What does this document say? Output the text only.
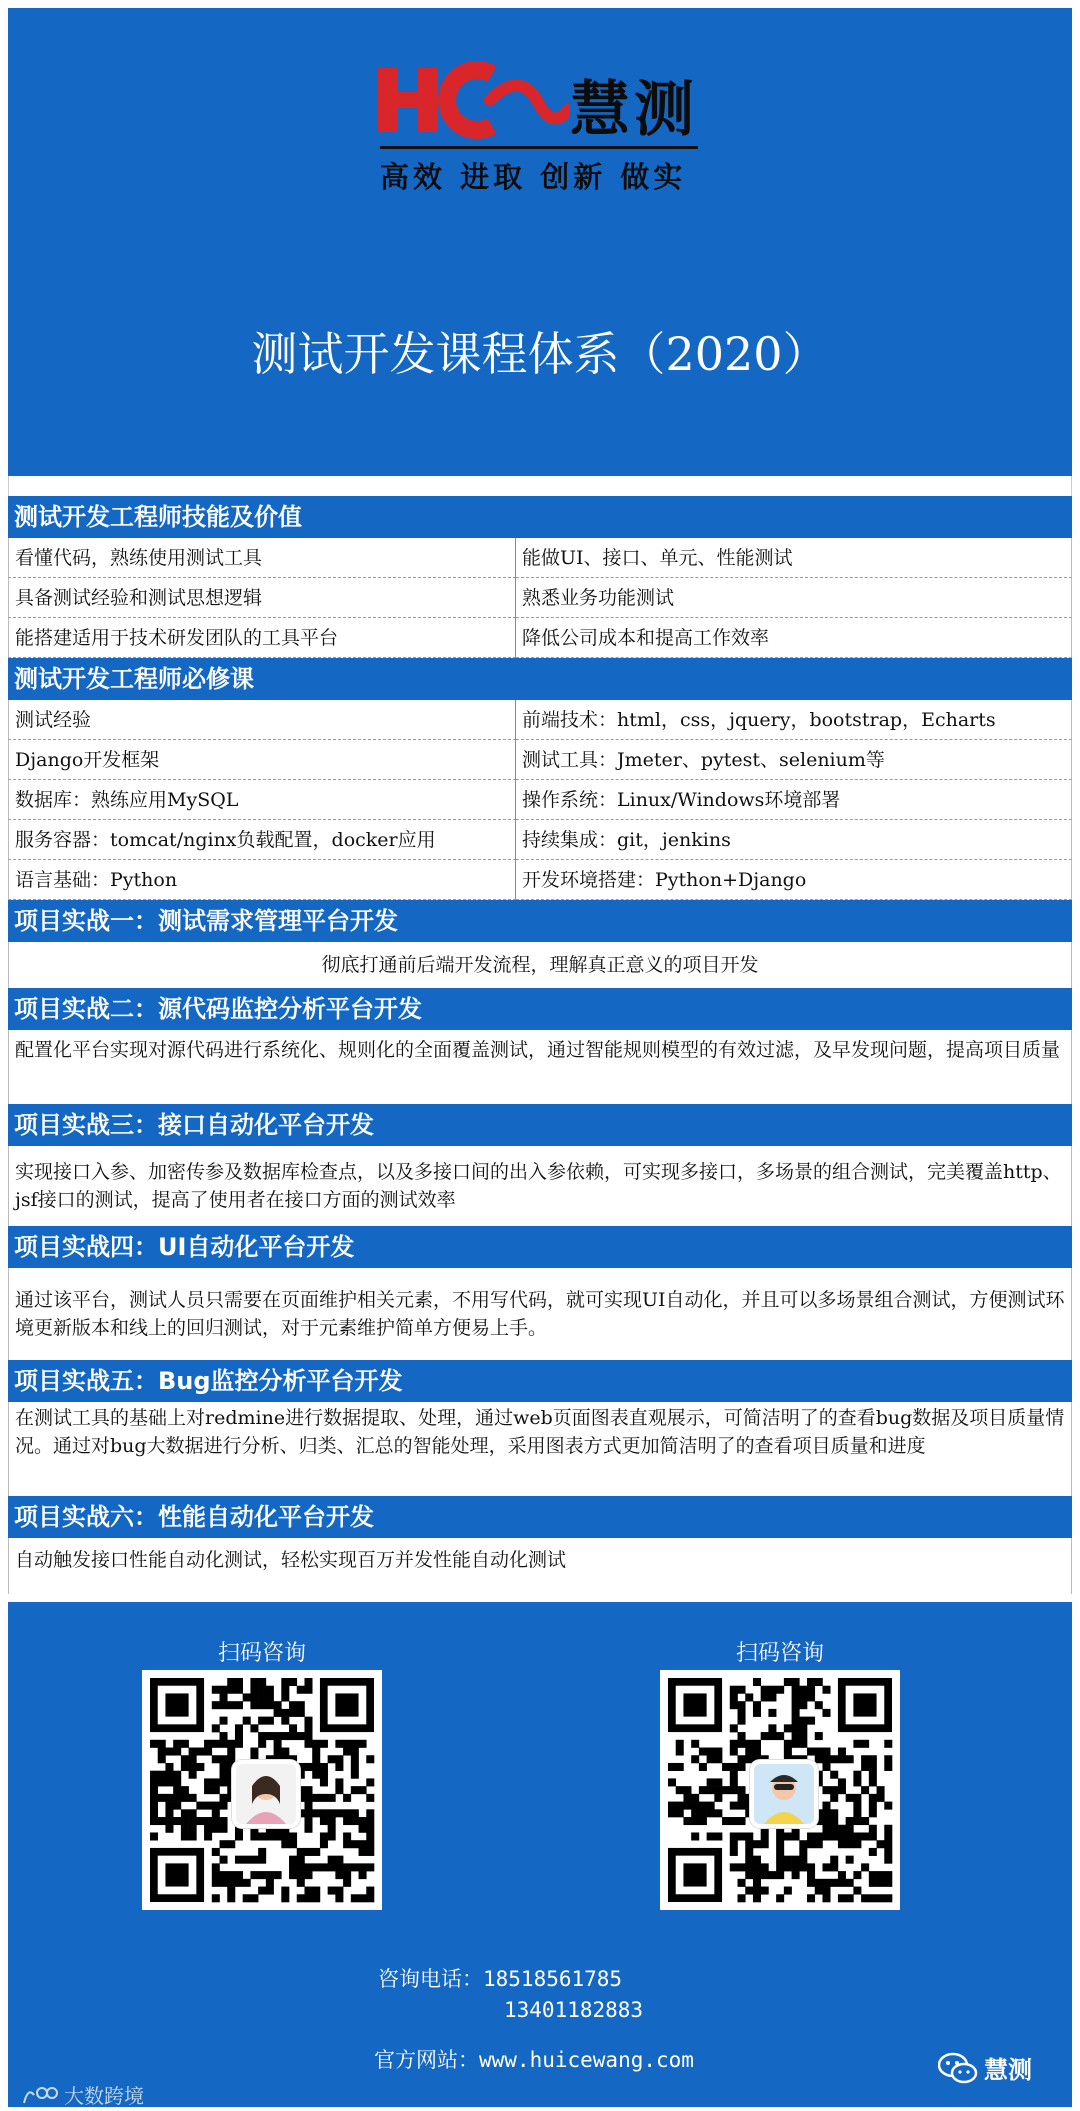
慧测
高效 进取 创新 做实
测试开发课程体系（2020）
测试开发工程师技能及价值
看懂代码，熟练使用测试工具	能做UI、接口、单元、性能测试
具备测试经验和测试思想逻辑	熟悉业务功能测试
能搭建适用于技术研发团队的工具平台	降低公司成本和提高工作效率
测试开发工程师必修课
测试经验	前端技术：html，css，jquery，bootstrap，Echarts
Django开发框架	测试工具：Jmeter、pytest、selenium等
数据库：熟练应用MySQL	操作系统：Linux/Windows环境部署
服务容器：tomcat/nginx负载配置，docker应用	持续集成：git，jenkins
语言基础：Python	开发环境搭建：Python+Django
项目实战一：测试需求管理平台开发
彻底打通前后端开发流程，理解真正意义的项目开发
项目实战二：源代码监控分析平台开发
配置化平台实现对源代码进行系统化、规则化的全面覆盖测试，通过智能规则模型的有效过滤，及早发现问题，提高项目质量
项目实战三：接口自动化平台开发
实现接口入参、加密传参及数据库检查点，以及多接口间的出入参依赖，可实现多接口，多场景的组合测试，完美覆盖http、jsf接口的测试，提高了使用者在接口方面的测试效率
项目实战四：UI自动化平台开发
通过该平台，测试人员只需要在页面维护相关元素，不用写代码，就可实现UI自动化，并且可以多场景组合测试，方便测试环境更新版本和线上的回归测试，对于元素维护简单方便易上手。
项目实战五：Bug监控分析平台开发
在测试工具的基础上对redmine进行数据提取、处理，通过web页面图表直观展示，可简洁明了的查看bug数据及项目质量情况。通过对bug大数据进行分析、归类、汇总的智能处理，采用图表方式更加简洁明了的查看项目质量和进度
项目实战六：性能自动化平台开发
自动触发接口性能自动化测试，轻松实现百万并发性能自动化测试
扫码咨询	扫码咨询
咨询电话：18518561785
13401182883
官方网站：www.huicewang.com	慧测
大数跨境
